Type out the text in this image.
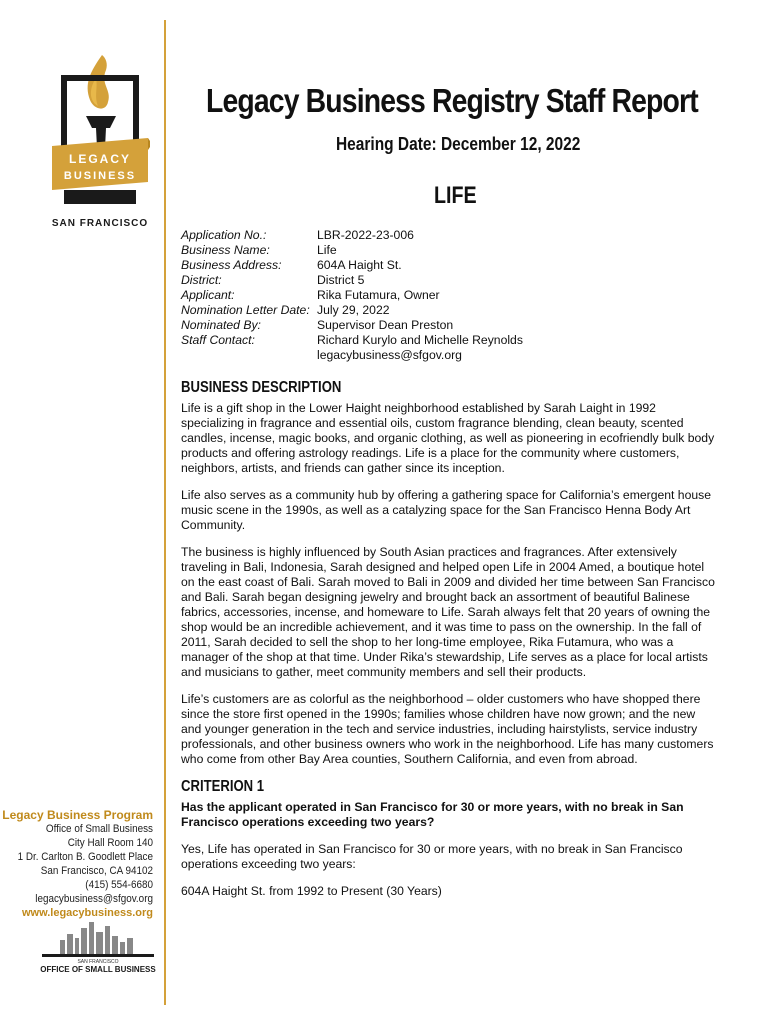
LEGACY
BUSINESS
SAN FRANCISCO
Legacy Business Registry Staff Report
Hearing Date: December 12, 2022
LIFE
Application No.:	LBR-2022-23-006
Business Name:	Life
Business Address:	604A Haight St.
District:	District 5
Applicant:	Rika Futamura, Owner
Nomination Letter Date: July 29, 2022
Nominated By:	Supervisor Dean Preston
Staff Contact:	Richard Kurylo and Michelle Reynolds
legacybusiness@sfgov.org
BUSINESS DESCRIPTION

Life is a gift shop in the Lower Haight neighborhood established by Sarah Laight in 1992 specializing in fragrance and essential oils, custom fragrance blending, clean beauty, scented candles, incense, magic books, and organic clothing, as well as pioneering in ecofriendly bulk body products and offering astrology readings. Life is a place for the community where customers, neighbors, artists, and friends can gather since its inception.

Life also serves as a community hub by offering a gathering space for California’s emergent house music scene in the 1990s, as well as a catalyzing space for the San Francisco Henna Body Art Community.

The business is highly influenced by South Asian practices and fragrances. After extensively traveling in Bali, Indonesia, Sarah designed and helped open Life in 2004 Amed, a boutique hotel on the east coast of Bali. Sarah moved to Bali in 2009 and divided her time between San Francisco and Bali. Sarah began designing jewelry and brought back an assortment of beautiful Balinese fabrics, accessories, incense, and homeware to Life. Sarah always felt that 20 years of owning the shop would be an incredible achievement, and it was time to pass on the ownership. In the fall of 2011, Sarah decided to sell the shop to her long-time employee, Rika Futamura, who was a manager of the shop at that time. Under Rika’s stewardship, Life serves as a place for local artists and musicians to gather, meet community members and sell their products.

Life’s customers are as colorful as the neighborhood – older customers who have shopped there since the store first opened in the 1990s; families whose children have now grown; and the new and younger generation in the tech and service industries, including hairstylists, service industry professionals, and other business owners who work in the neighborhood. Life has many customers who come from other Bay Area counties, Southern California, and even from abroad.

CRITERION 1

Has the applicant operated in San Francisco for 30 or more years, with no break in San Francisco operations exceeding two years?

Yes, Life has operated in San Francisco for 30 or more years, with no break in San Francisco operations exceeding two years:

604A Haight St. from 1992 to Present (30 Years)

Legacy Business Program
Office of Small Business
City Hall Room 140
1 Dr. Carlton B. Goodlett Place
San Francisco, CA 94102
(415) 554-6680
legacybusiness@sfgov.org
www.legacybusiness.org
SAN FRANCISCO
OFFICE OF SMALL BUSINESS
